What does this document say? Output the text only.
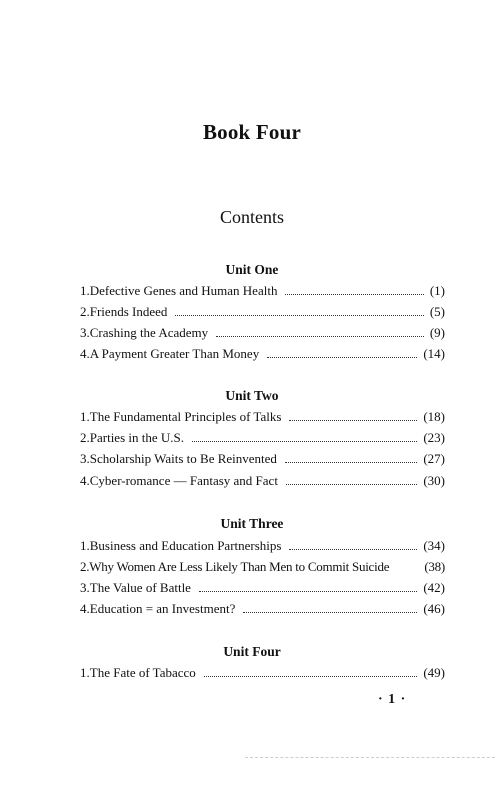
Book Four
Contents
Unit One
1.Defective Genes and Human Health	(1)
2.Friends Indeed	(5)
3.Crashing the Academy	(9)
4.A Payment Greater Than Money	(14)
Unit Two
1.The Fundamental Principles of Talks	(18)
2.Parties in the U.S.	(23)
3.Scholarship Waits to Be Reinvented	(27)
4.Cyber-romance — Fantasy and Fact	(30)
Unit Three
1.Business and Education Partnerships	(34)
2.Why Women Are Less Likely Than Men to Commit Suicide	(38)
3.The Value of Battle	(42)
4.Education = an Investment?	(46)
Unit Four
1.The Fate of Tabacco	(49)
· 1 ·
